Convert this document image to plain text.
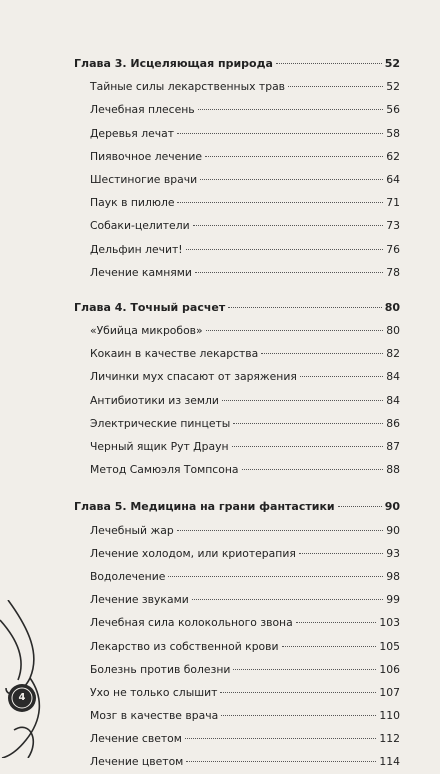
Глава 3. Исцеляющая природа	52
Тайные силы лекарственных трав	52
Лечебная плесень	56
Деревья лечат	58
Пиявочное лечение	62
Шестиногие врачи	64
Паук в пилюле	71
Собаки-целители	73
Дельфин лечит!	76
Лечение камнями	78
Глава 4. Точный расчет	80
«Убийца микробов»	80
Кокаин в качестве лекарства	82
Личинки мух спасают от заряжения	84
Антибиотики из земли	84
Электрические пинцеты	86
Черный ящик Рут Драун	87
Метод Самюэля Томпсона	88
Глава 5. Медицина на грани фантастики	90
Лечебный жар	90
Лечение холодом, или криотерапия	93
Водолечение	98
Лечение звуками	99
Лечебная сила колокольного звона	103
Лекарство из собственной крови	105
Болезнь против болезни	106
Ухо не только слышит	107
Мозг в качестве врача	110
Лечение светом	112
Лечение цветом	114
4
